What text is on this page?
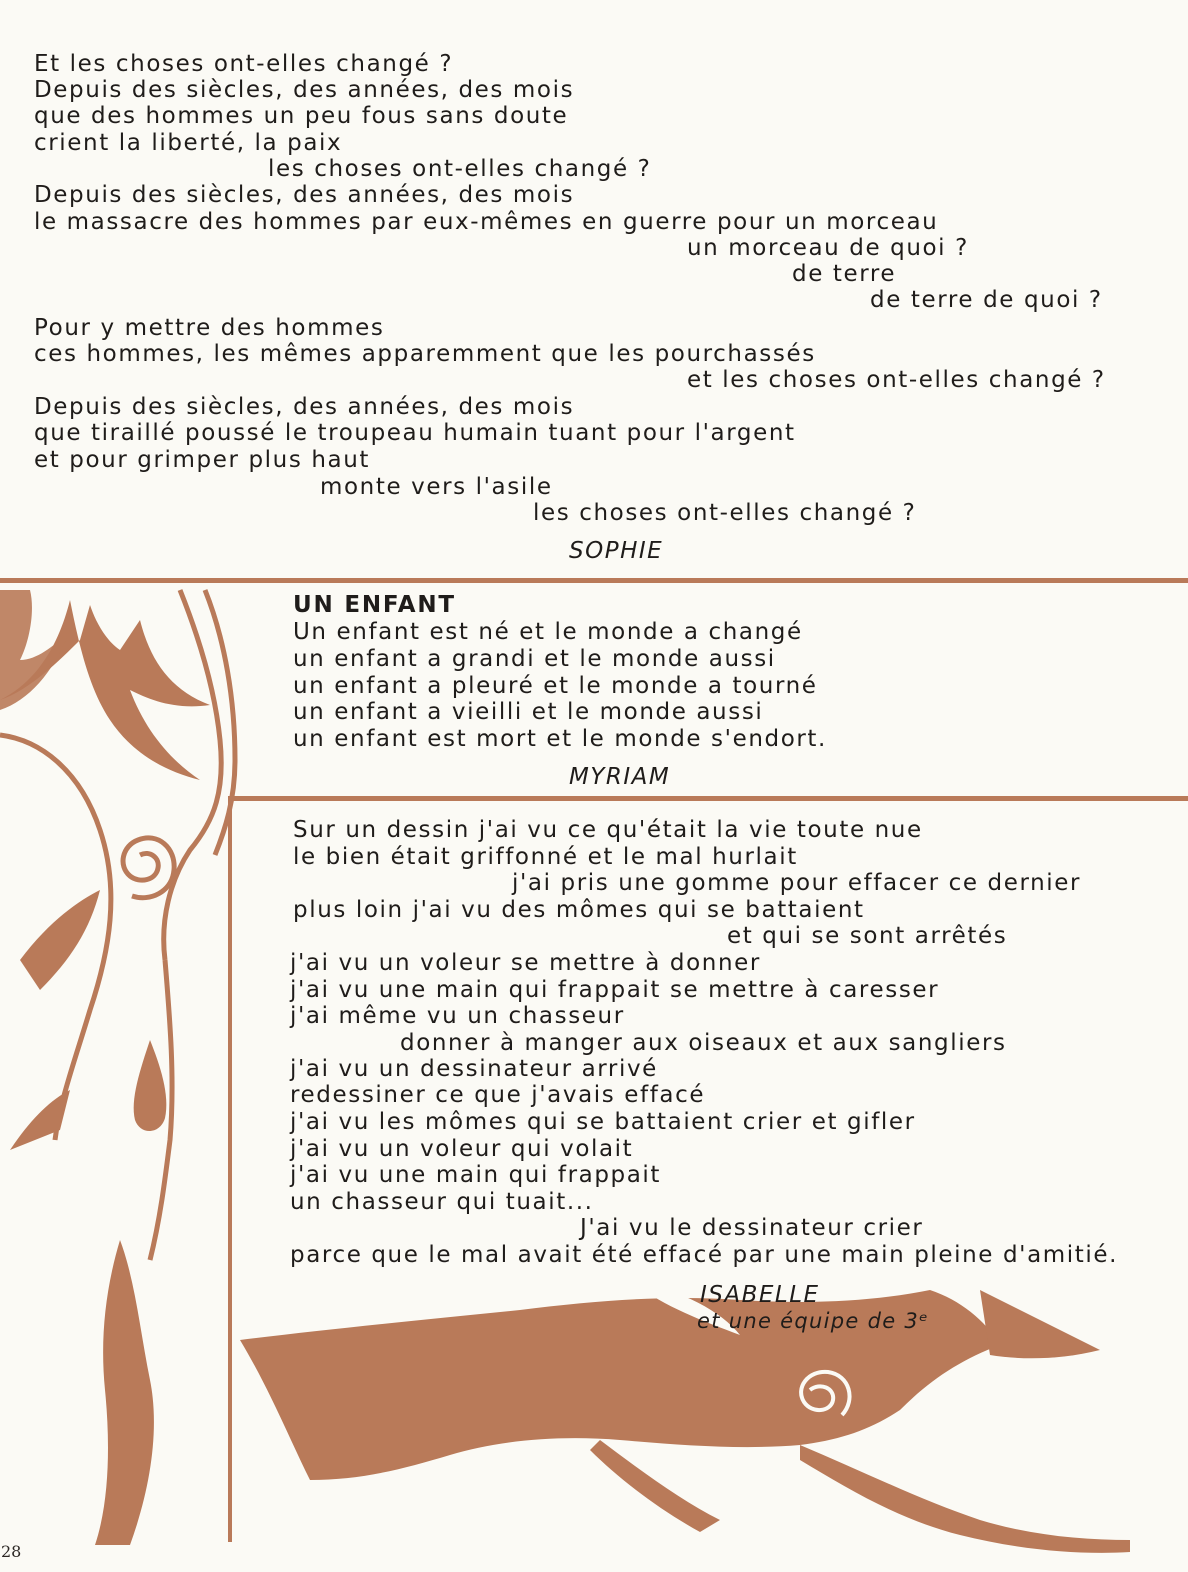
Et les choses ont-elles changé ?
Depuis des siècles, des années, des mois
que des hommes un peu fous sans doute
crient la liberté, la paix
les choses ont-elles changé ?
Depuis des siècles, des années, des mois
le massacre des hommes par eux-mêmes en guerre pour un morceau
un morceau de quoi ?
de terre
de terre de quoi ?
Pour y mettre des hommes
ces hommes, les mêmes apparemment que les pourchassés
et les choses ont-elles changé ?
Depuis des siècles, des années, des mois
que tiraillé poussé le troupeau humain tuant pour l'argent
et pour grimper plus haut
monte vers l'asile
les choses ont-elles changé ?
SOPHIE
UN ENFANT
Un enfant est né et le monde a changé
un enfant a grandi et le monde aussi
un enfant a pleuré et le monde a tourné
un enfant a vieilli et le monde aussi
un enfant est mort et le monde s'endort.
MYRIAM
Sur un dessin j'ai vu ce qu'était la vie toute nue
le bien était griffonné et le mal hurlait
j'ai pris une gomme pour effacer ce dernier
plus loin j'ai vu des mômes qui se battaient
et qui se sont arrêtés
j'ai vu un voleur se mettre à donner
j'ai vu une main qui frappait se mettre à caresser
j'ai même vu un chasseur
donner à manger aux oiseaux et aux sangliers
j'ai vu un dessinateur arrivé
redessiner ce que j'avais effacé
j'ai vu les mômes qui se battaient crier et gifler
j'ai vu un voleur qui volait
j'ai vu une main qui frappait
un chasseur qui tuait...
J'ai vu le dessinateur crier
parce que le mal avait été effacé par une main pleine d'amitié.
ISABELLE
et une équipe de 3ᵉ
28
